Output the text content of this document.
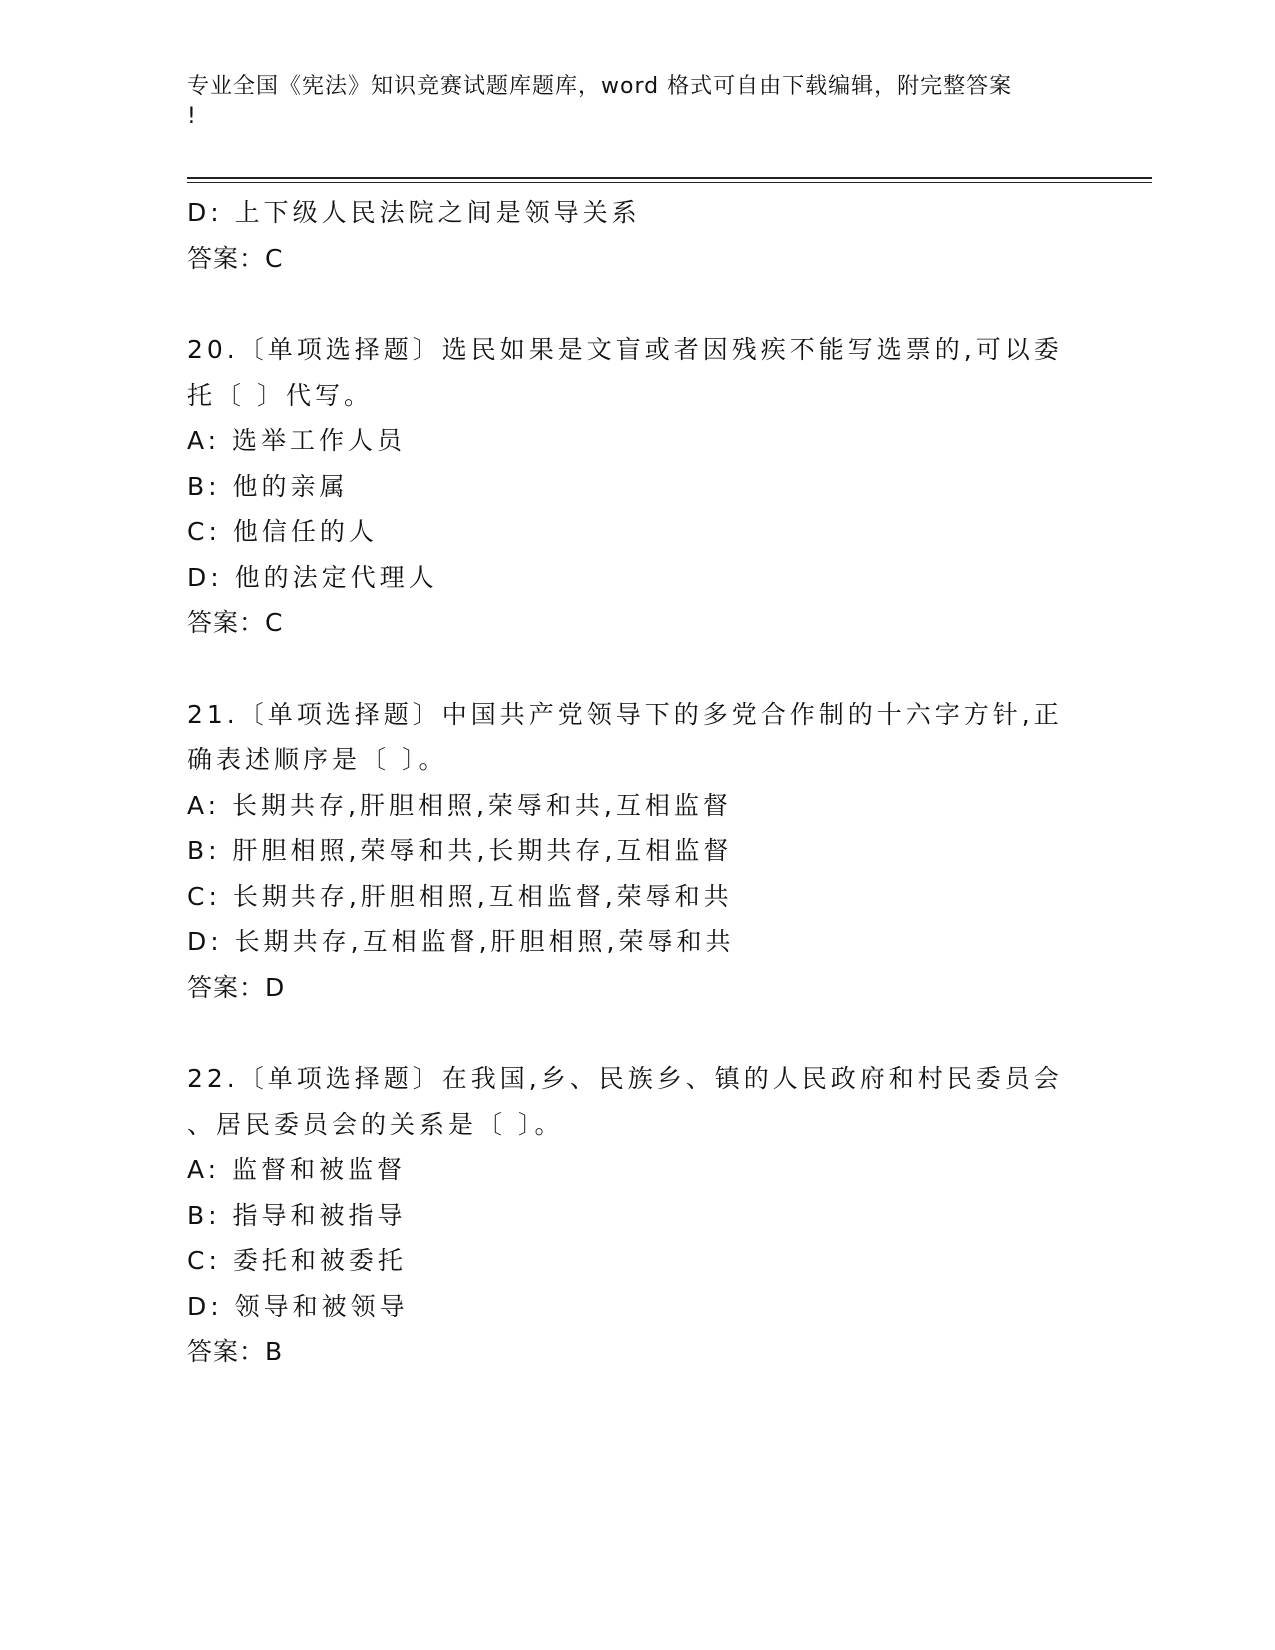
专业全国《宪法》知识竞赛试题库题库，word 格式可自由下载编辑，附完整答案
!
D: 上下级人民法院之间是领导关系
答案：C
20.〔单项选择题〕选民如果是文盲或者因残疾不能写选票的,可以委
托〔 〕代写。
A: 选举工作人员
B: 他的亲属
C: 他信任的人
D: 他的法定代理人
答案：C
21.〔单项选择题〕中国共产党领导下的多党合作制的十六字方针,正
确表述顺序是〔 〕。
A: 长期共存,肝胆相照,荣辱和共,互相监督
B: 肝胆相照,荣辱和共,长期共存,互相监督
C: 长期共存,肝胆相照,互相监督,荣辱和共
D: 长期共存,互相监督,肝胆相照,荣辱和共
答案：D
22.〔单项选择题〕在我国,乡、民族乡、镇的人民政府和村民委员会
、居民委员会的关系是〔 〕。
A: 监督和被监督
B: 指导和被指导
C: 委托和被委托
D: 领导和被领导
答案：B
